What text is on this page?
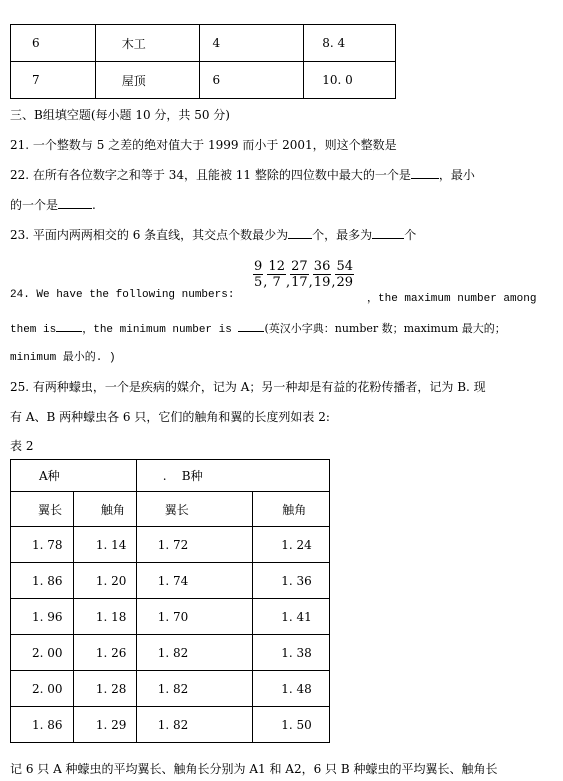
6	木工	4	8. 4
7	屋顶	6	10. 0
三、B组填空题(每小题 10 分，共 50 分)
21. 一个整数与 5 之差的绝对值大于 1999 而小于 2001，则这个整数是
22. 在所有各位数字之和等于 34，且能被 11 整除的四位数中最大的一个是 ，最小
的一个是	.
23. 平面内两两相交的 6 条直线，其交点个数最少为 个，最多为	个
24. We have the following numbers:
$\frac{9}{5}$ , $\frac{12}{7}$ , $\frac{27}{17}$ , $\frac{36}{19}$ , $\frac{54}{29}$
，the maximum number among
them is ，the minimum number is	(英汉小字典：number 数；maximum 最大的；
minimum 最小的. )
25. 有两种蠓虫，一个是疾病的媒介，记为 A；另一种却是有益的花粉传播者，记为 B. 现
有 A、B 两种蠓虫各 6 只，它们的触角和翼的长度列如表 2:
表 2
A种		.    B种	
翼长	触角	翼长	触角
1. 78	1. 14	1. 72	1. 24
1. 86	1. 20	1. 74	1. 36
1. 96	1. 18	1. 70	1. 41
2. 00	1. 26	1. 82	1. 38
2. 00	1. 28	1. 82	1. 48
1. 86	1. 29	1. 82	1. 50
记 6 只 A 种蠓虫的平均翼长、触角长分别为 A1 和 A2，6 只 B 种蠓虫的平均翼长、触角长
